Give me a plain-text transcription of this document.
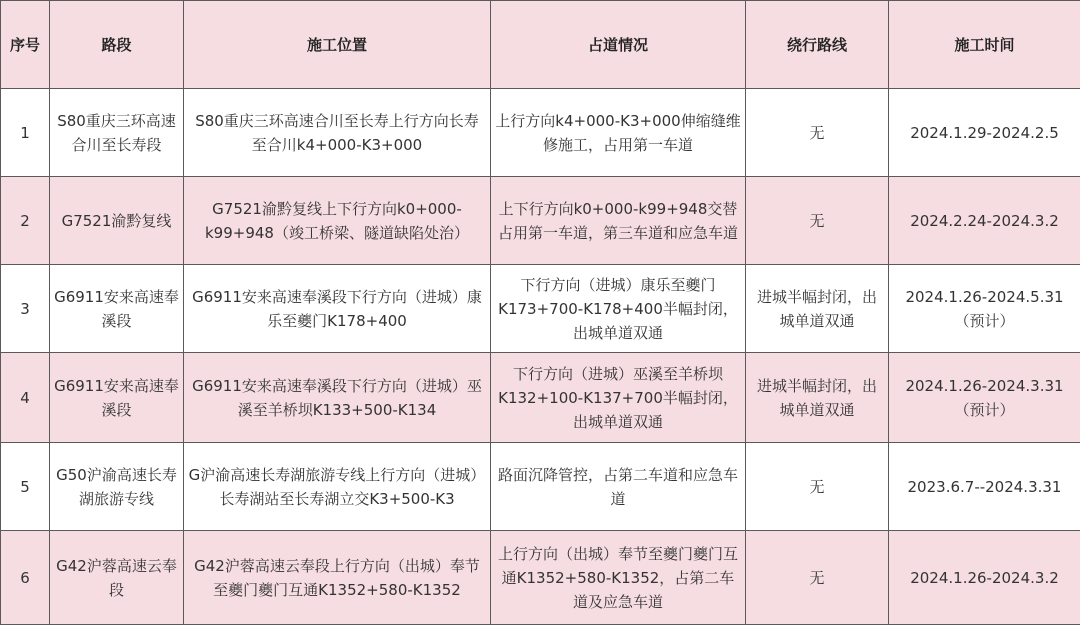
序号	路段	施工位置	占道情况	绕行路线	施工时间
1	S80重庆三环高速合川至长寿段	S80重庆三环高速合川至长寿上行方向长寿至合川k4+000-K3+000	上行方向k4+000-K3+000伸缩缝维修施工，占用第一车道	无	2024.1.29-2024.2.5
2	G7521渝黔复线	G7521渝黔复线上下行方向k0+000-k99+948（竣工桥梁、隧道缺陷处治）	上下行方向k0+000-k99+948交替占用第一车道，第三车道和应急车道	无	2024.2.24-2024.3.2
3	G6911安来高速奉溪段	G6911安来高速奉溪段下行方向（进城）康乐至夔门K178+400	下行方向（进城）康乐至夔门K173+700-K178+400半幅封闭，出城单道双通	进城半幅封闭，出城单道双通	2024.1.26-2024.5.31（预计）
4	G6911安来高速奉溪段	G6911安来高速奉溪段下行方向（进城）巫溪至羊桥坝K133+500-K134	下行方向（进城）巫溪至羊桥坝K132+100-K137+700半幅封闭，出城单道双通	进城半幅封闭，出城单道双通	2024.1.26-2024.3.31（预计）
5	G50沪渝高速长寿湖旅游专线	G沪渝高速长寿湖旅游专线上行方向（进城）长寿湖站至长寿湖立交K3+500-K3	路面沉降管控，占第二车道和应急车道	无	2023.6.7--2024.3.31
6	G42沪蓉高速云奉段	G42沪蓉高速云奉段上行方向（出城）奉节至夔门夔门互通K1352+580-K1352	上行方向（出城）奉节至夔门夔门互通K1352+580-K1352，占第二车道及应急车道	无	2024.1.26-2024.3.2
